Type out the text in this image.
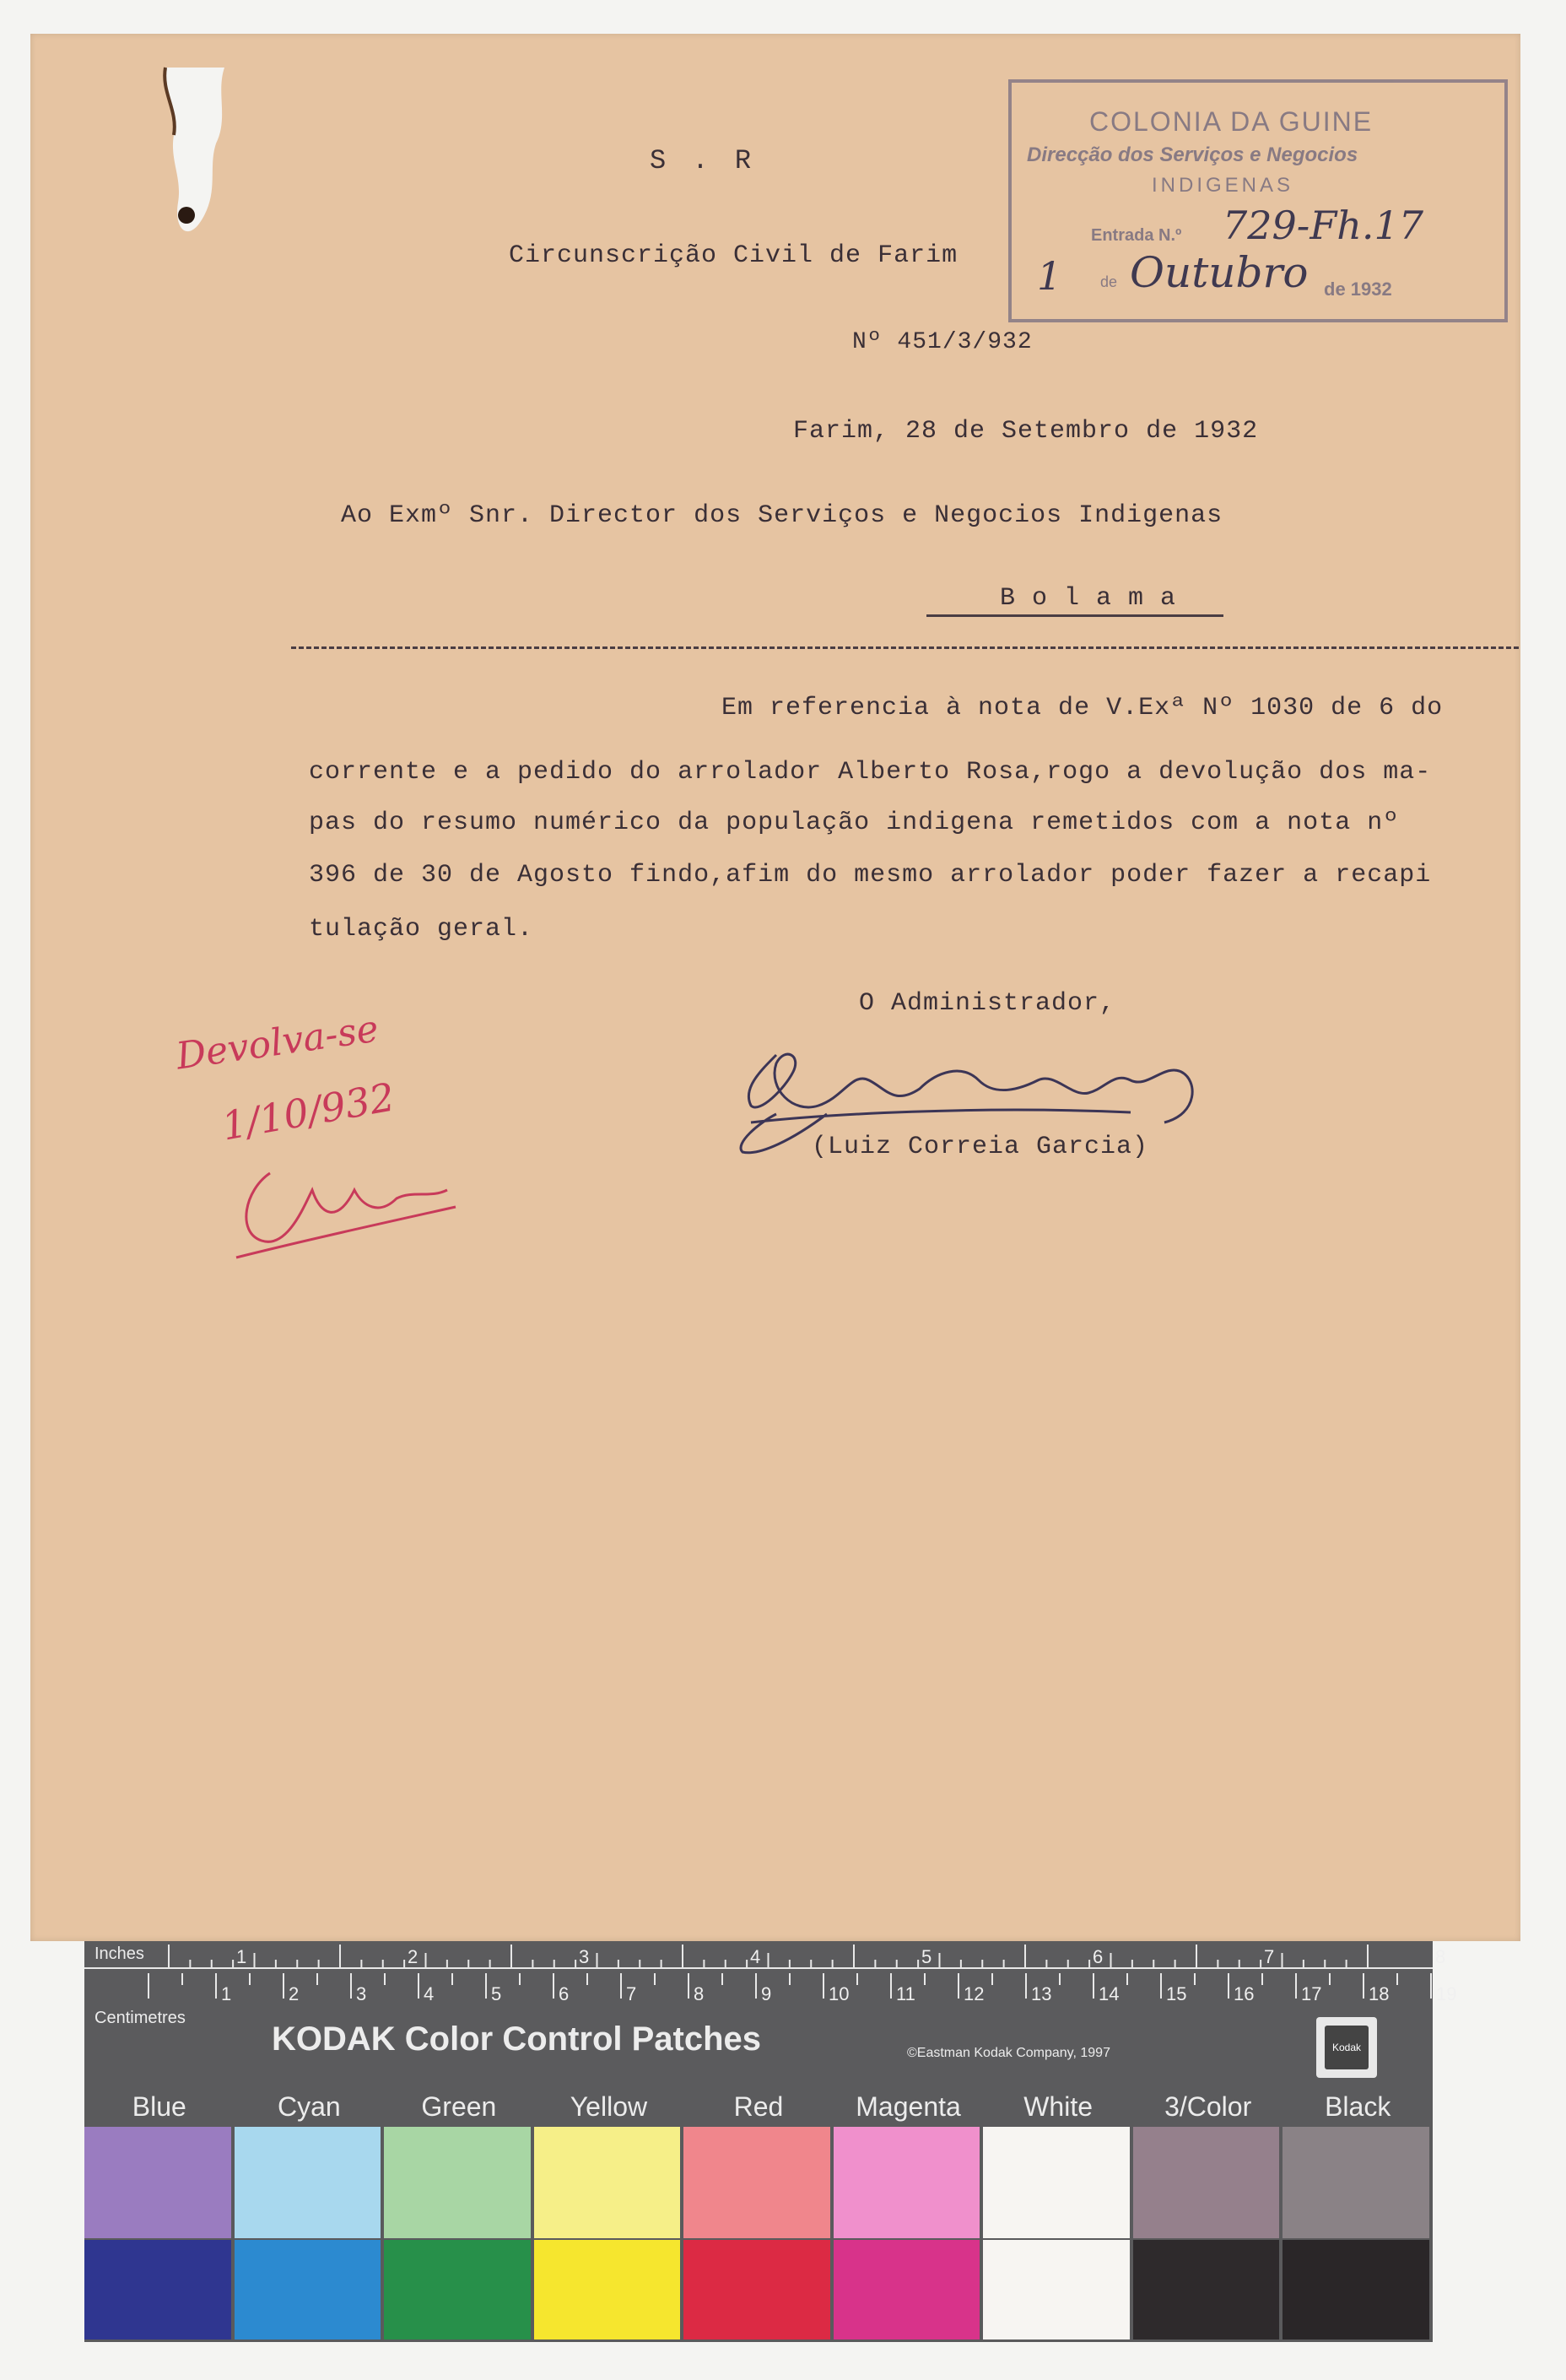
S . R
Circunscrição Civil de Farim
Nº 451/3/932
Farim, 28 de Setembro de 1932
Ao Exmº Snr. Director dos Serviços e Negocios Indigenas
B o l a m a
Em referencia à nota de V.Exª Nº 1030 de 6 do
corrente e a pedido do arrolador Alberto Rosa,rogo a devolução dos ma-
pas do resumo numérico da população indigena remetidos com a nota nº
396 de 30 de Agosto findo,afim do mesmo arrolador poder fazer a recapi
tulação geral.
O Administrador,
(Luiz Correia Garcia)
Devolva-se
1/10/932
COLONIA DA GUINE
Direcção dos Serviços e Negocios
INDIGENAS
Entrada N.º 729-Fh.17
1	de Outubro de 1932
1	2	3	4	5	6	7	8
1	2	3	4	5	6	7	8	9	10	11	12	13	14	15	16	17	18	19
Inches
Centimetres
KODAK Color Control Patches	©Eastman Kodak Company, 1997	Kodak
Blue	Cyan	Green	Yellow	Red	Magenta	White	3/Color	Black
